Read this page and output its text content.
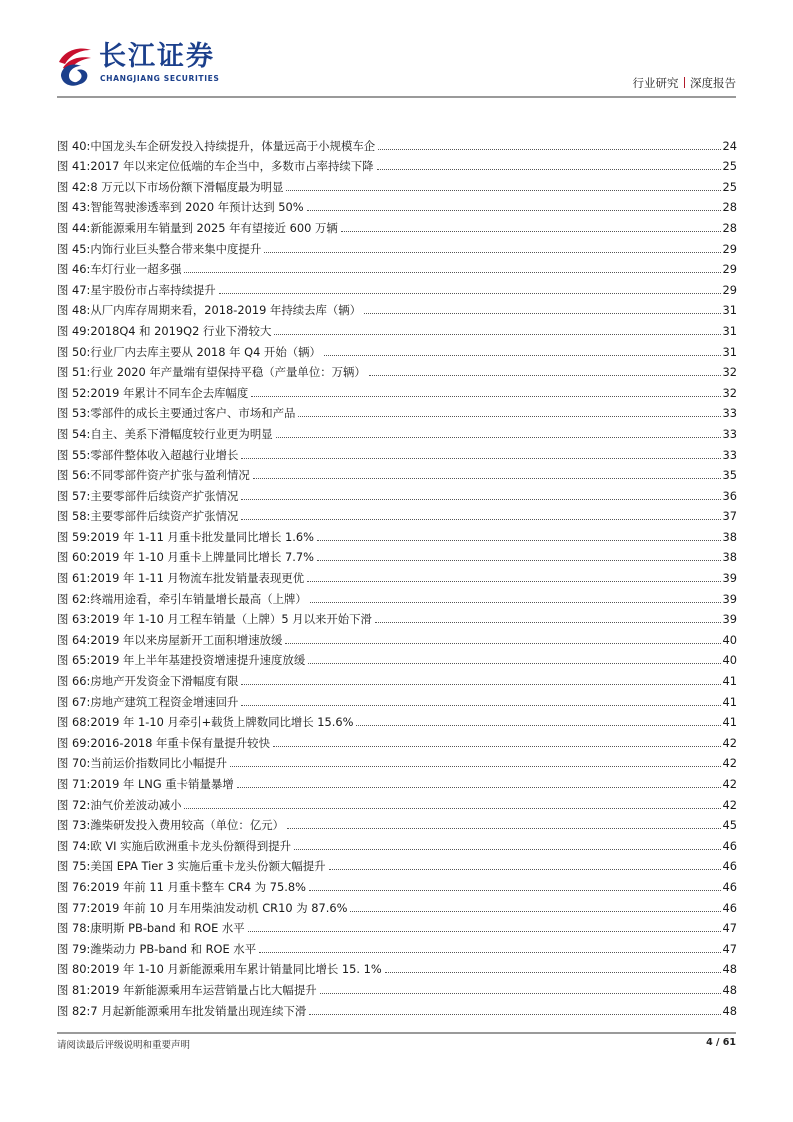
长江证券
CHANGJIANG SECURITIES	行业研究 深度报告
图 40: 中国龙头车企研发投入持续提升，体量远高于小规模车企	24
图 41: 2017 年以来定位低端的车企当中，多数市占率持续下降	25
图 42: 8 万元以下市场份额下滑幅度最为明显	25
图 43: 智能驾驶渗透率到 2020 年预计达到 50%	28
图 44: 新能源乘用车销量到 2025 年有望接近 600 万辆	28
图 45: 内饰行业巨头整合带来集中度提升	29
图 46: 车灯行业一超多强	29
图 47: 星宇股份市占率持续提升	29
图 48: 从厂内库存周期来看，2018-2019 年持续去库（辆）	31
图 49: 2018Q4 和 2019Q2 行业下滑较大	31
图 50: 行业厂内去库主要从 2018 年 Q4 开始（辆）	31
图 51: 行业 2020 年产量端有望保持平稳（产量单位：万辆）	32
图 52: 2019 年累计不同车企去库幅度	32
图 53: 零部件的成长主要通过客户、市场和产品	33
图 54: 自主、美系下滑幅度较行业更为明显	33
图 55: 零部件整体收入超越行业增长	33
图 56: 不同零部件资产扩张与盈利情况	35
图 57: 主要零部件后续资产扩张情况	36
图 58: 主要零部件后续资产扩张情况	37
图 59: 2019 年 1-11 月重卡批发量同比增长 1.6%	38
图 60: 2019 年 1-10 月重卡上牌量同比增长 7.7%	38
图 61: 2019 年 1-11 月物流车批发销量表现更优	39
图 62: 终端用途看，牵引车销量增长最高（上牌）	39
图 63: 2019 年 1-10 月工程车销量（上牌）5 月以来开始下滑	39
图 64: 2019 年以来房屋新开工面积增速放缓	40
图 65: 2019 年上半年基建投资增速提升速度放缓	40
图 66: 房地产开发资金下滑幅度有限	41
图 67: 房地产建筑工程资金增速回升	41
图 68: 2019 年 1-10 月牵引+载货上牌数同比增长 15.6%	41
图 69: 2016-2018 年重卡保有量提升较快	42
图 70: 当前运价指数同比小幅提升	42
图 71: 2019 年 LNG 重卡销量暴增	42
图 72: 油气价差波动减小	42
图 73: 潍柴研发投入费用较高（单位：亿元）	45
图 74: 欧 VI 实施后欧洲重卡龙头份额得到提升	46
图 75: 美国 EPA Tier 3 实施后重卡龙头份额大幅提升	46
图 76: 2019 年前 11 月重卡整车 CR4 为 75.8%	46
图 77: 2019 年前 10 月车用柴油发动机 CR10 为 87.6%	46
图 78: 康明斯 PB-band 和 ROE 水平	47
图 79: 潍柴动力 PB-band 和 ROE 水平	47
图 80: 2019 年 1-10 月新能源乘用车累计销量同比增长 15. 1%	48
图 81: 2019 年新能源乘用车运营销量占比大幅提升	48
图 82: 7 月起新能源乘用车批发销量出现连续下滑	48
请阅读最后评级说明和重要声明	4 / 61
